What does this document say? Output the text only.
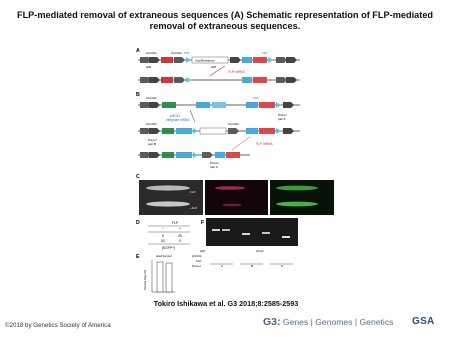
FLP-mediated removal of extraneous sequences (A) Schematic representation of FLP-mediated removal of extraneous sequences.
A 2xcHS4	2xcHS4 FRT	FRT
AmpResistance
attB	attB
FLP mRNA
B 2xcHS4	FRT
phiC31
integrase mRNA
Primer
pair A
2xcHS4	2xcHS4
Primer
pair B	FLP mRNA
Primer
pair C
C
FLP
+FLP
D	FLP
−	+
0	25
92	0
(EGFP+)
E	dead Survivor
Survival Rate (%)
F
attP	chr22
phiC31
FLP
Primer	A	B	C
Tokiro Ishikawa et al. G3 2018;8:2585-2593
©2018 by Genetics Society of America	G3: Genes | Genomes | Genetics GSA
